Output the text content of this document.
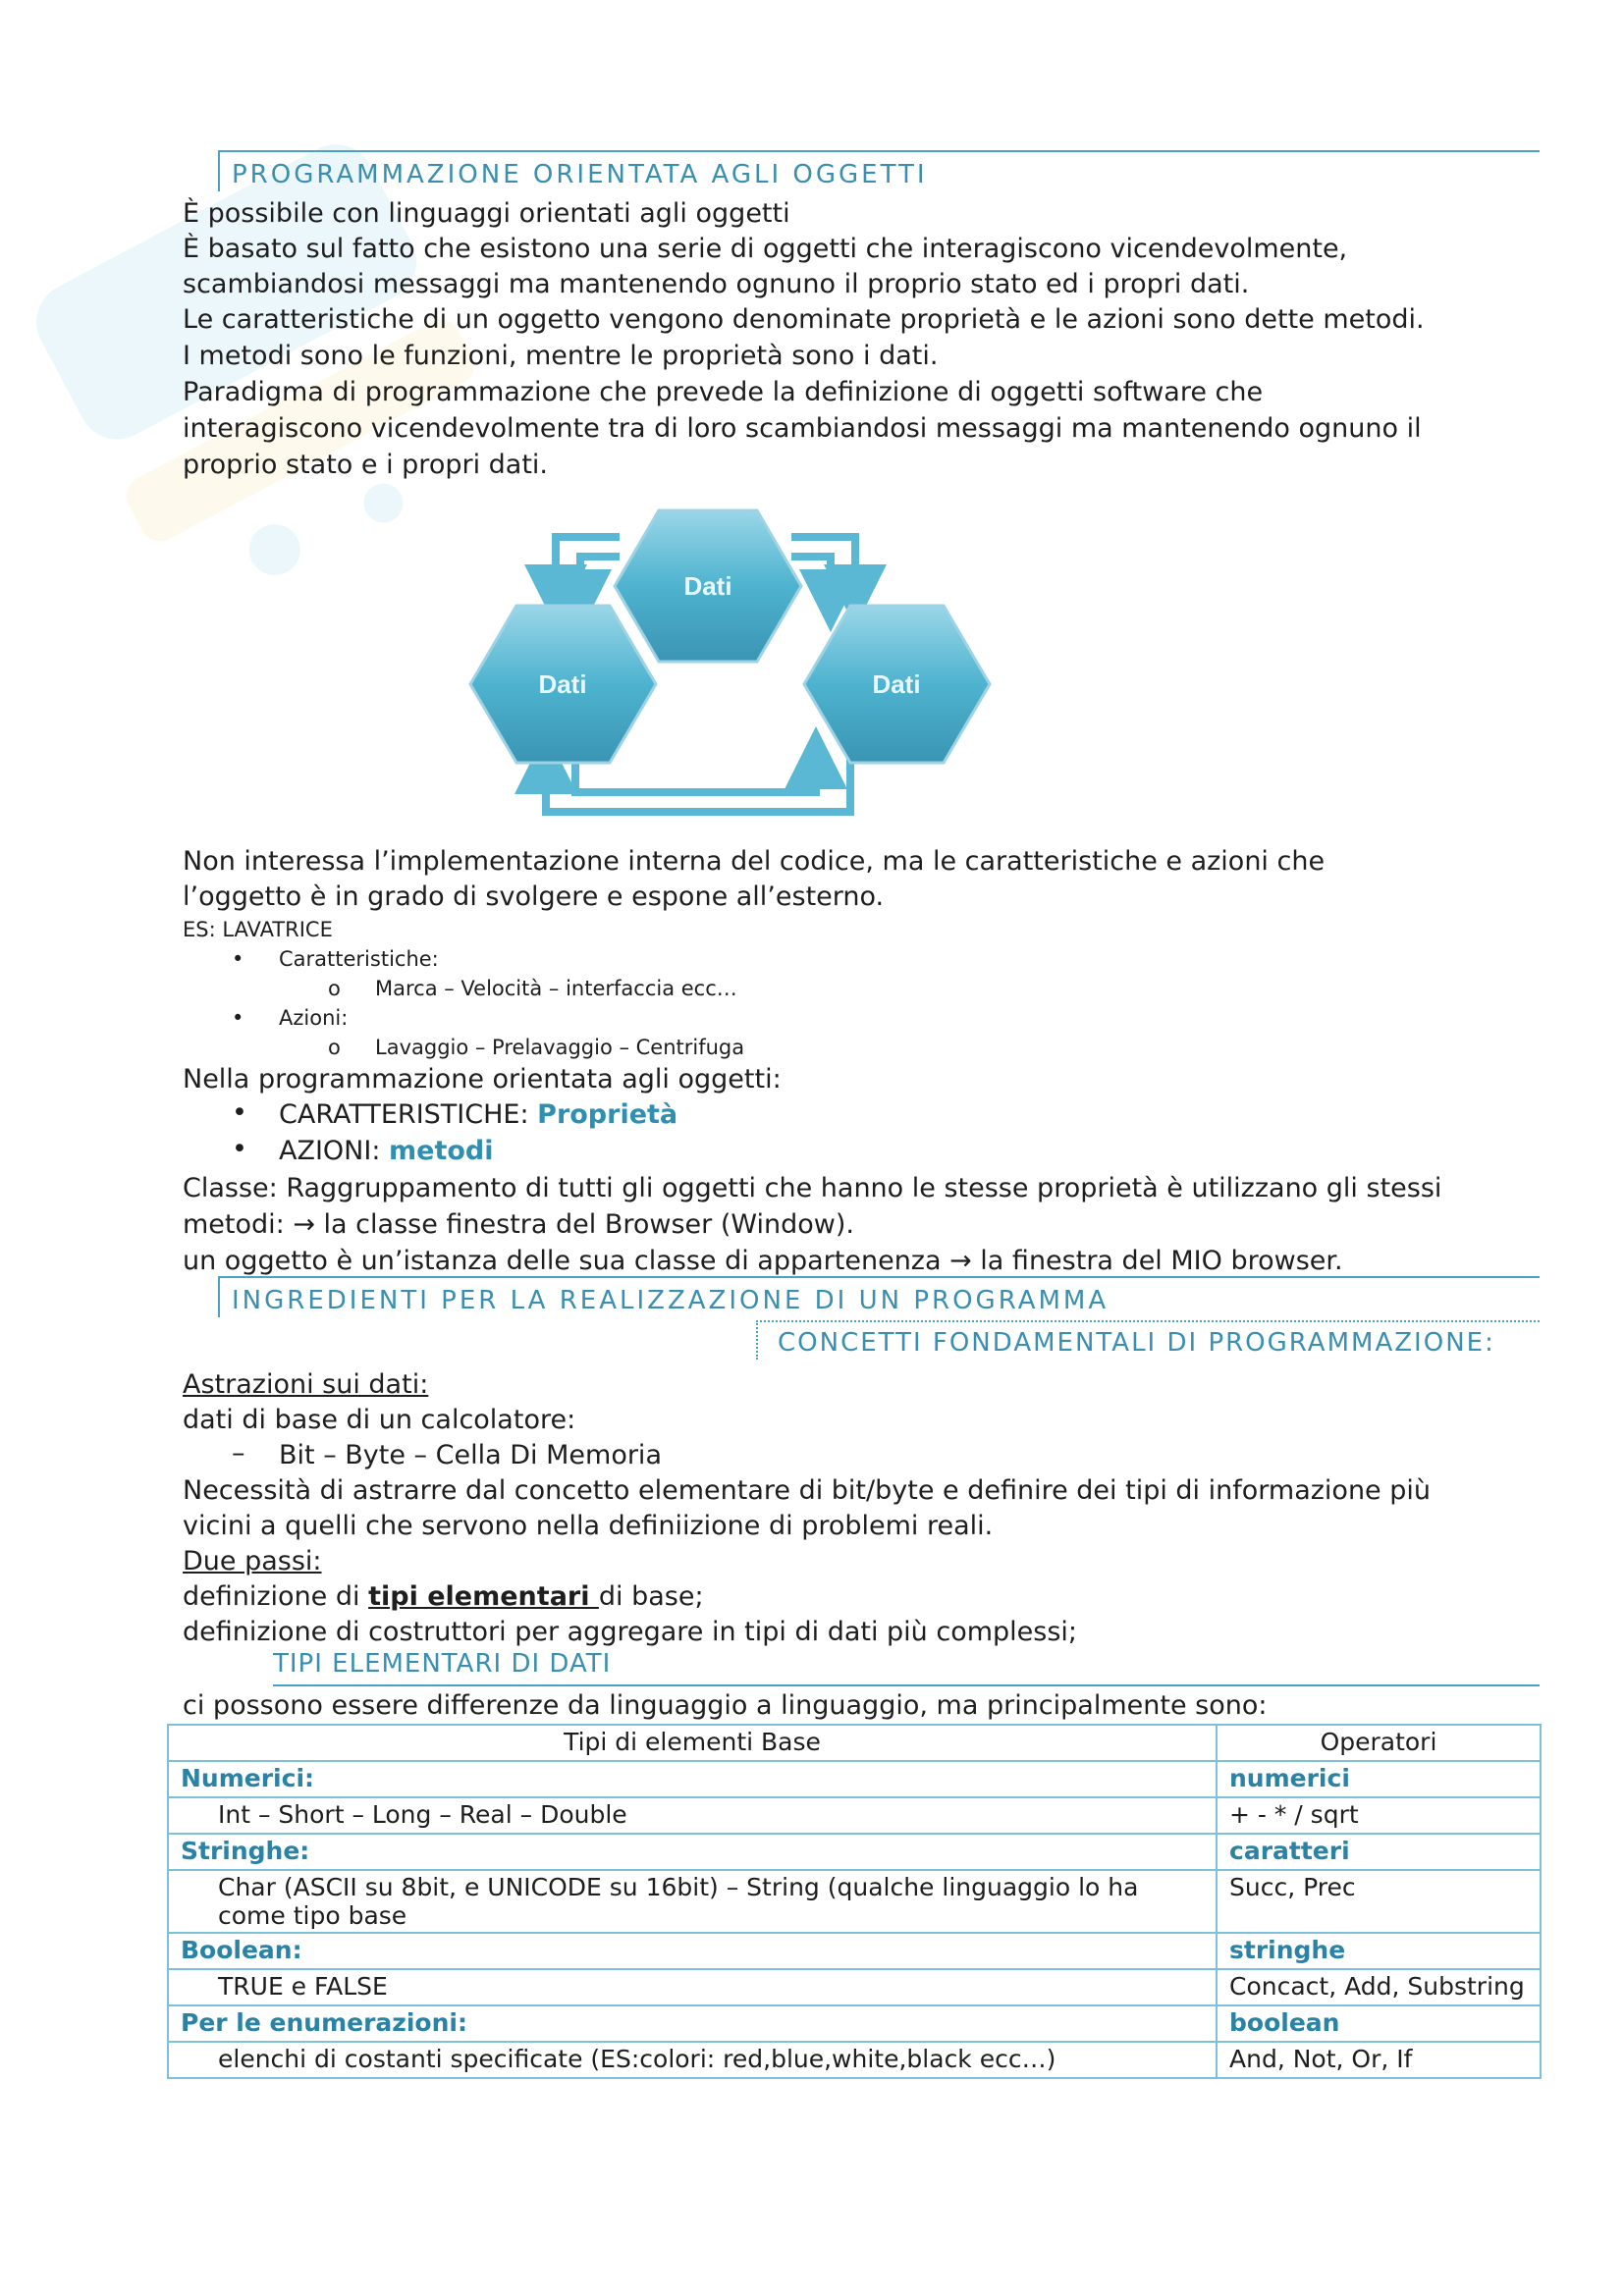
PROGRAMMAZIONE ORIENTATA AGLI OGGETTI
È possibile con linguaggi orientati agli oggetti
È basato sul fatto che esistono una serie di oggetti che interagiscono vicendevolmente,
scambiandosi messaggi ma mantenendo ognuno il proprio stato ed i propri dati.
Le caratteristiche di un oggetto vengono denominate proprietà e le azioni sono dette metodi.
I metodi sono le funzioni, mentre le proprietà sono i dati.
Paradigma di programmazione che prevede la definizione di oggetti software che
interagiscono vicendevolmente tra di loro scambiandosi messaggi ma mantenendo ognuno il
proprio stato e i propri dati.
Dati
Dati	Dati
Non interessa l’implementazione interna del codice, ma le caratteristiche e azioni che
l’oggetto è in grado di svolgere e espone all’esterno.
ES: LAVATRICE
• Caratteristiche:
o Marca – Velocità – interfaccia ecc…
• Azioni:
o Lavaggio – Prelavaggio – Centrifuga
Nella programmazione orientata agli oggetti:
• CARATTERISTICHE: Proprietà
• AZIONI: metodi
Classe: Raggruppamento di tutti gli oggetti che hanno le stesse proprietà è utilizzano gli stessi
metodi: → la classe finestra del Browser (Window).
un oggetto è un’istanza delle sua classe di appartenenza → la finestra del MIO browser.
INGREDIENTI PER LA REALIZZAZIONE DI UN PROGRAMMA
CONCETTI FONDAMENTALI DI PROGRAMMAZIONE:
Astrazioni sui dati:
dati di base di un calcolatore:
– Bit – Byte – Cella Di Memoria
Necessità di astrarre dal concetto elementare di bit/byte e definire dei tipi di informazione più
vicini a quelli che servono nella definiizione di problemi reali.
Due passi:
definizione di tipi elementari di base;
definizione di costruttori per aggregare in tipi di dati più complessi;
TIPI ELEMENTARI DI DATI
ci possono essere differenze da linguaggio a linguaggio, ma principalmente sono:
Tipi di elementi Base	Operatori
Numerici:	numerici
Int – Short – Long – Real – Double	+ - * / sqrt
Stringhe:	caratteri
Char (ASCII su 8bit, e UNICODE su 16bit) – String (qualche linguaggio lo ha come tipo base	Succ, Prec
Boolean:	stringhe
TRUE e FALSE	Concact, Add, Substring
Per le enumerazioni:	boolean
elenchi di costanti specificate (ES:colori: red,blue,white,black ecc…)	And, Not, Or, If
